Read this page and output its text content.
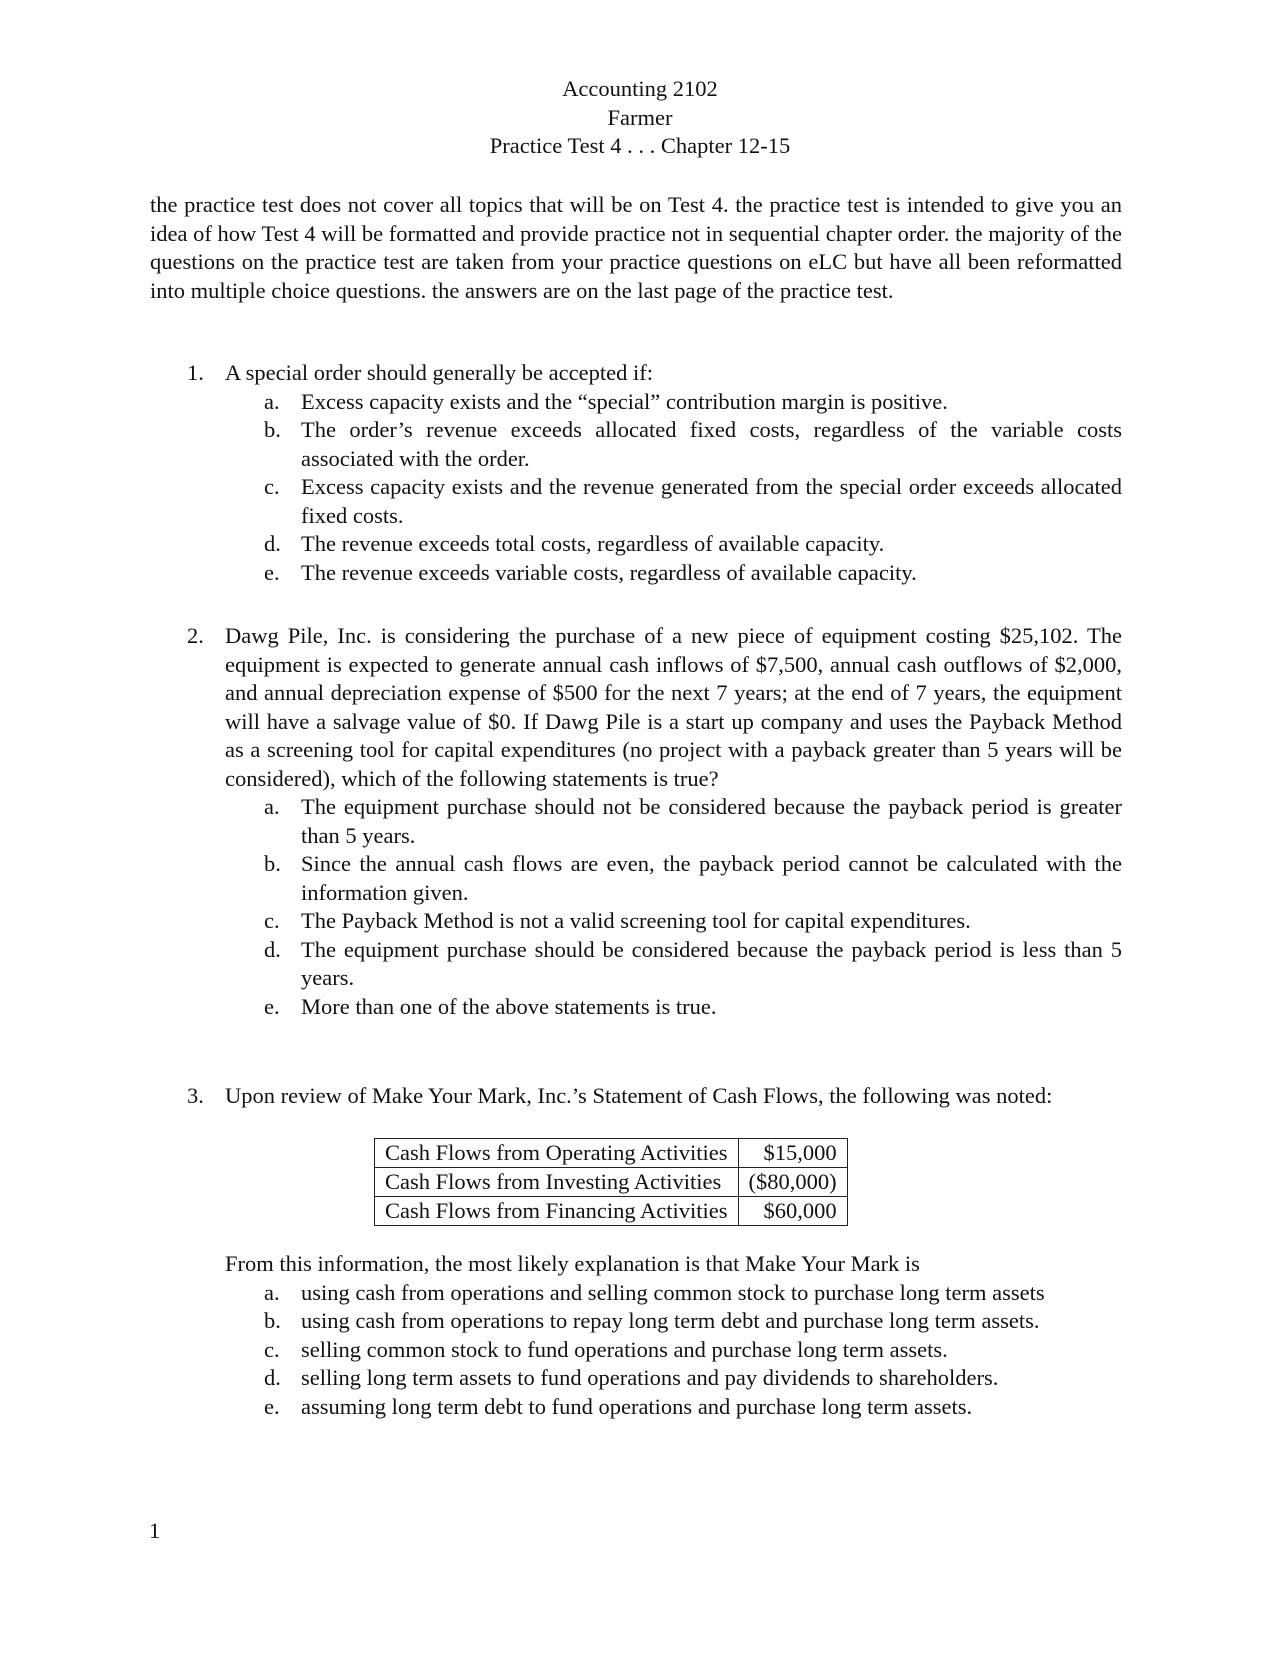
Accounting 2102
Farmer
Practice Test 4 . . . Chapter 12-15
the practice test does not cover all topics that will be on Test 4. the practice test is intended to give you an idea of how Test 4 will be formatted and provide practice not in sequential chapter order. the majority of the questions on the practice test are taken from your practice questions on eLC but have all been reformatted into multiple choice questions. the answers are on the last page of the practice test.
1. A special order should generally be accepted if:
a. Excess capacity exists and the “special” contribution margin is positive.
b. The order’s revenue exceeds allocated fixed costs, regardless of the variable costs associated with the order.
c. Excess capacity exists and the revenue generated from the special order exceeds allocated fixed costs.
d. The revenue exceeds total costs, regardless of available capacity.
e. The revenue exceeds variable costs, regardless of available capacity.
2. Dawg Pile, Inc. is considering the purchase of a new piece of equipment costing $25,102. The equipment is expected to generate annual cash inflows of $7,500, annual cash outflows of $2,000, and annual depreciation expense of $500 for the next 7 years; at the end of 7 years, the equipment will have a salvage value of $0. If Dawg Pile is a start up company and uses the Payback Method as a screening tool for capital expenditures (no project with a payback greater than 5 years will be considered), which of the following statements is true?
a. The equipment purchase should not be considered because the payback period is greater than 5 years.
b. Since the annual cash flows are even, the payback period cannot be calculated with the information given.
c. The Payback Method is not a valid screening tool for capital expenditures.
d. The equipment purchase should be considered because the payback period is less than 5 years.
e. More than one of the above statements is true.
3. Upon review of Make Your Mark, Inc.’s Statement of Cash Flows, the following was noted:
Cash Flows from Operating Activities	$15,000
Cash Flows from Investing Activities	($80,000)
Cash Flows from Financing Activities	$60,000
From this information, the most likely explanation is that Make Your Mark is
a. using cash from operations and selling common stock to purchase long term assets
b. using cash from operations to repay long term debt and purchase long term assets.
c. selling common stock to fund operations and purchase long term assets.
d. selling long term assets to fund operations and pay dividends to shareholders.
e. assuming long term debt to fund operations and purchase long term assets.
1
